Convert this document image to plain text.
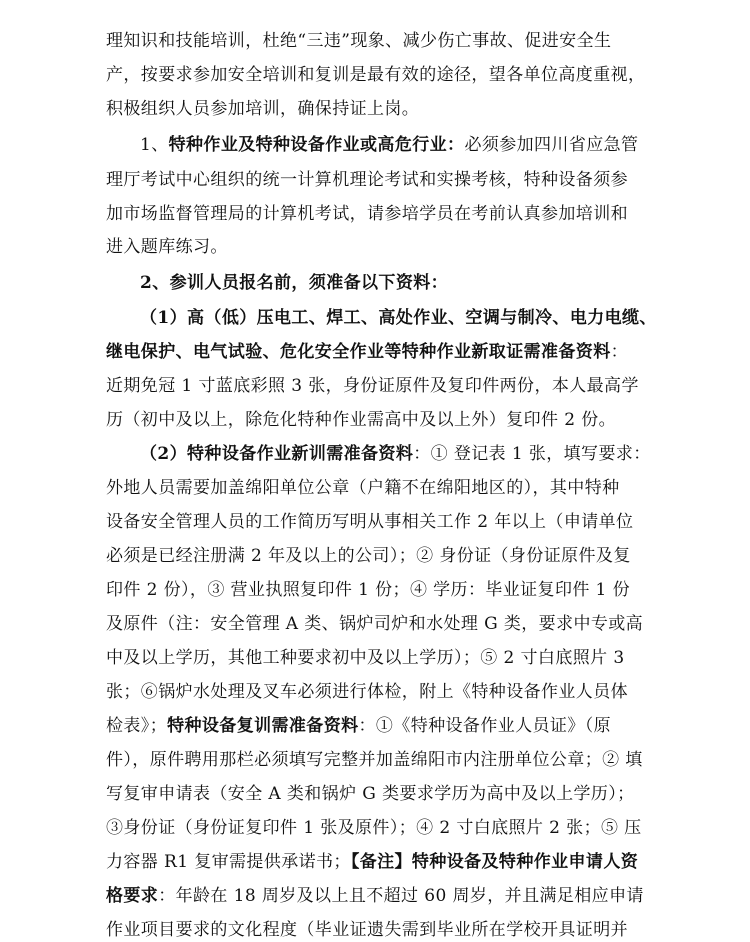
理知识和技能培训，杜绝“三违”现象、减少伤亡事故、促进安全生
产，按要求参加安全培训和复训是最有效的途径，望各单位高度重视，
积极组织人员参加培训，确保持证上岗。
1、特种作业及特种设备作业或高危行业：必须参加四川省应急管
理厅考试中心组织的统一计算机理论考试和实操考核，特种设备须参
加市场监督管理局的计算机考试，请参培学员在考前认真参加培训和
进入题库练习。
2、参训人员报名前，须准备以下资料：
（1）高（低）压电工、焊工、高处作业、空调与制冷、电力电缆、
继电保护、电气试验、危化安全作业等特种作业新取证需准备资料：
近期免冠 1 寸蓝底彩照 3 张，身份证原件及复印件两份，本人最高学
历（初中及以上，除危化特种作业需高中及以上外）复印件 2 份。
（2）特种设备作业新训需准备资料：① 登记表 1 张，填写要求：
外地人员需要加盖绵阳单位公章（户籍不在绵阳地区的），其中特种
设备安全管理人员的工作简历写明从事相关工作 2 年以上（申请单位
必须是已经注册满 2 年及以上的公司）；② 身份证（身份证原件及复
印件 2 份），③ 营业执照复印件 1 份；④ 学历：毕业证复印件 1 份
及原件（注：安全管理 A 类、锅炉司炉和水处理 G 类，要求中专或高
中及以上学历，其他工种要求初中及以上学历）；⑤ 2 寸白底照片 3
张；⑥锅炉水处理及叉车必须进行体检，附上《特种设备作业人员体
检表》；特种设备复训需准备资料：①《特种设备作业人员证》（原
件），原件聘用那栏必须填写完整并加盖绵阳市内注册单位公章；② 填
写复审申请表（安全 A 类和锅炉 G 类要求学历为高中及以上学历）；
③身份证（身份证复印件 1 张及原件）；④ 2 寸白底照片 2 张；⑤ 压
力容器 R1 复审需提供承诺书；【备注】特种设备及特种作业申请人资
格要求：年龄在 18 周岁及以上且不超过 60 周岁，并且满足相应申请
作业项目要求的文化程度（毕业证遗失需到毕业所在学校开具证明并
